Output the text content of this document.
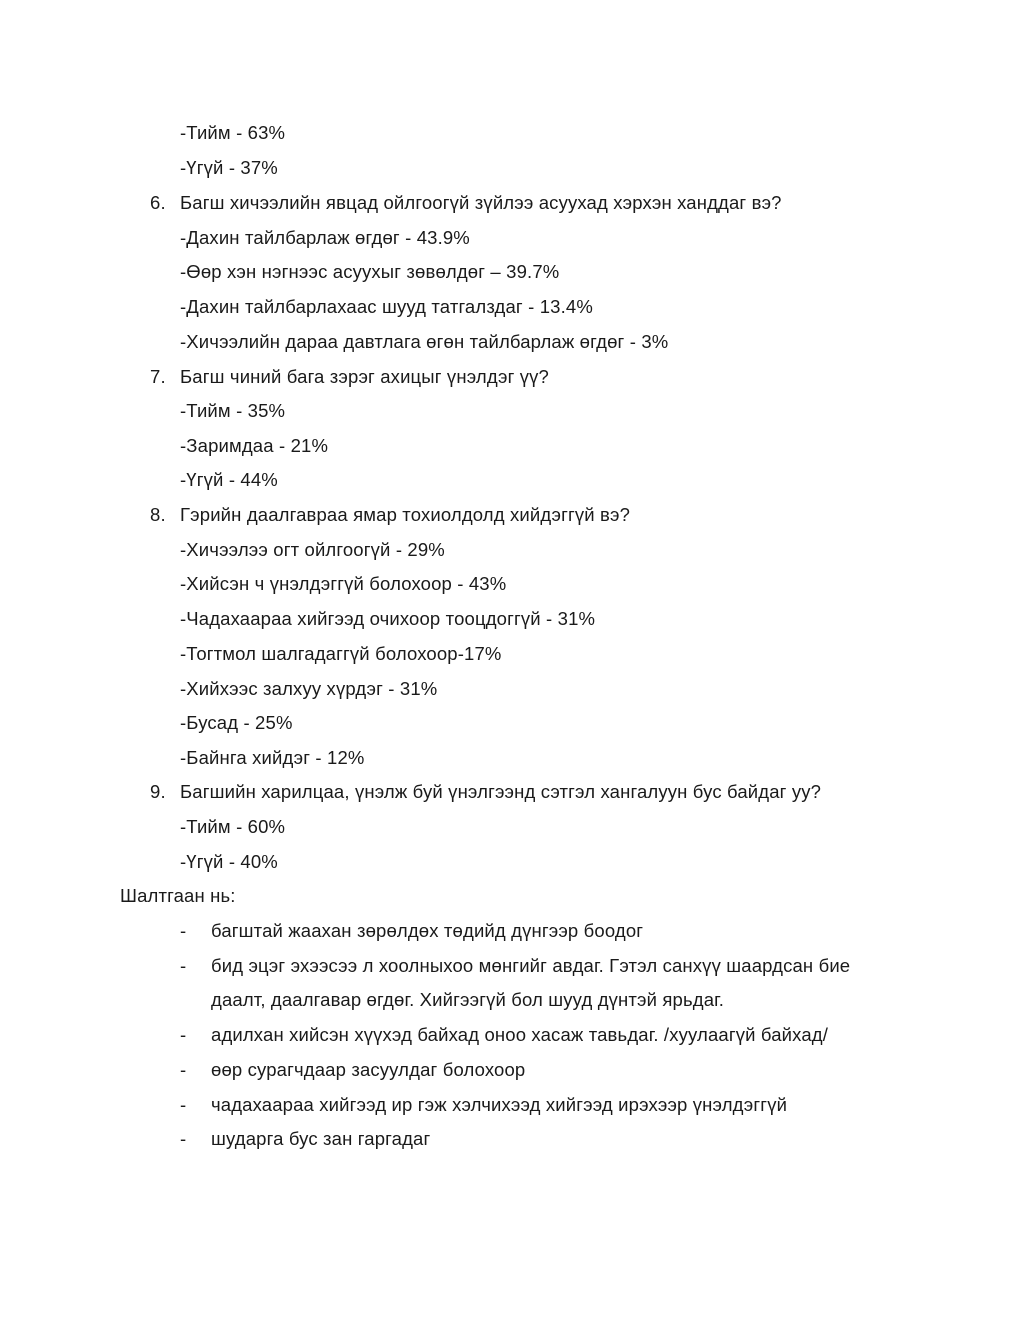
-Тийм - 63%
-Үгүй - 37%
6. Багш хичээлийн явцад ойлгоогүй зүйлээ асуухад хэрхэн ханддаг вэ?
-Дахин тайлбарлаж өгдөг - 43.9%
-Өөр хэн нэгнээс асуухыг зөвөлдөг – 39.7%
-Дахин тайлбарлахаас шууд татгалздаг - 13.4%
-Хичээлийн дараа давтлага өгөн тайлбарлаж өгдөг - 3%
7. Багш чиний бага зэрэг ахицыг үнэлдэг үү?
-Тийм - 35%
-Заримдаа - 21%
-Үгүй - 44%
8. Гэрийн даалгавраа ямар тохиолдолд хийдэггүй вэ?
-Хичээлээ огт ойлгоогүй - 29%
-Хийсэн ч үнэлдэггүй болохоор - 43%
-Чадахаараа хийгээд очихоор тооцдоггүй - 31%
-Тогтмол шалгадаггүй болохоор-17%
-Хийхээс залхуу хүрдэг - 31%
-Бусад - 25%
-Байнга хийдэг - 12%
9. Багшийн харилцаа, үнэлж буй үнэлгээнд сэтгэл хангалуун бус байдаг уу?
-Тийм - 60%
-Үгүй - 40%
Шалтгаан нь:
- багштай жаахан зөрөлдөх төдийд дүнгээр боодог
- бид эцэг эхээсээ л хоолныхоо мөнгийг авдаг. Гэтэл санхүү шаардсан бие
даалт, даалгавар өгдөг. Хийгээгүй бол шууд дүнтэй ярьдаг.
- адилхан хийсэн хүүхэд байхад оноо хасаж тавьдаг. /хуулаагүй байхад/
- өөр сурагчдаар засуулдаг болохоор
- чадахаараа хийгээд ир гэж хэлчихээд хийгээд ирэхээр үнэлдэггүй
- шударга бус зан гаргадаг
